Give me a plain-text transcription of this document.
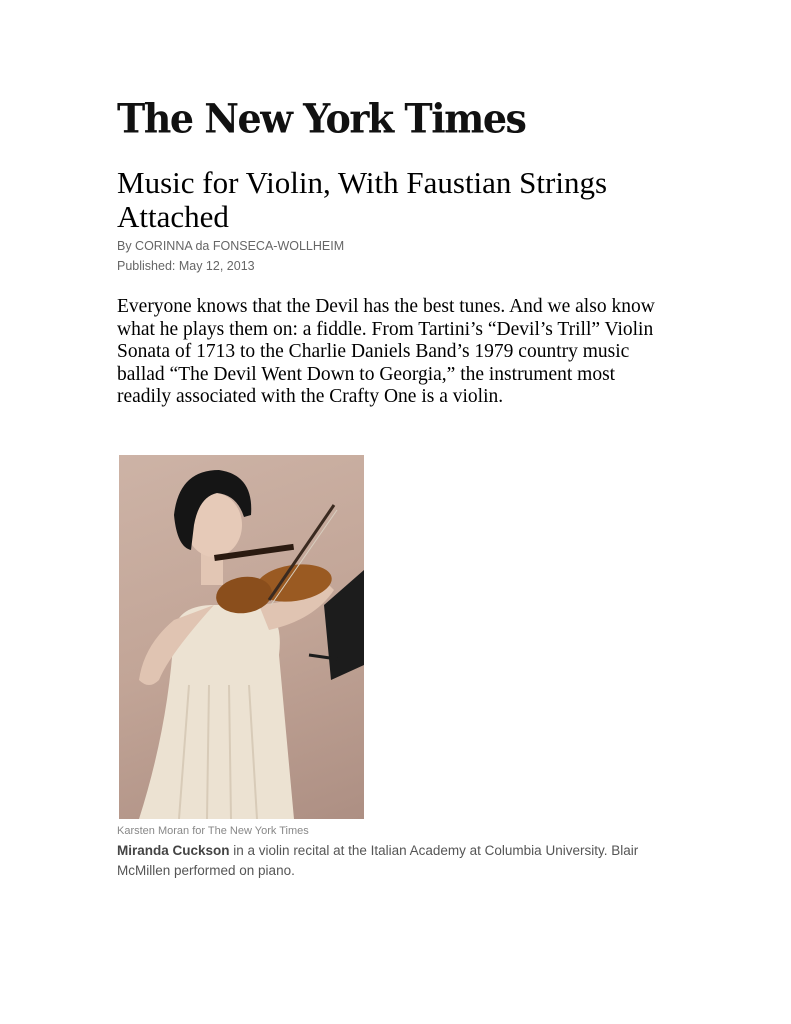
The New York Times
Music for Violin, With Faustian Strings Attached
By CORINNA da FONSECA-WOLLHEIM
Published: May 12, 2013

Everyone knows that the Devil has the best tunes. And we also know what he plays them on: a fiddle. From Tartini’s “Devil’s Trill” Violin Sonata of 1713 to the Charlie Daniels Band’s 1979 country music ballad “The Devil Went Down to Georgia,” the instrument most readily associated with the Crafty One is a violin.

Karsten Moran for The New York Times

Miranda Cuckson in a violin recital at the Italian Academy at Columbia University. Blair McMillen performed on piano.
